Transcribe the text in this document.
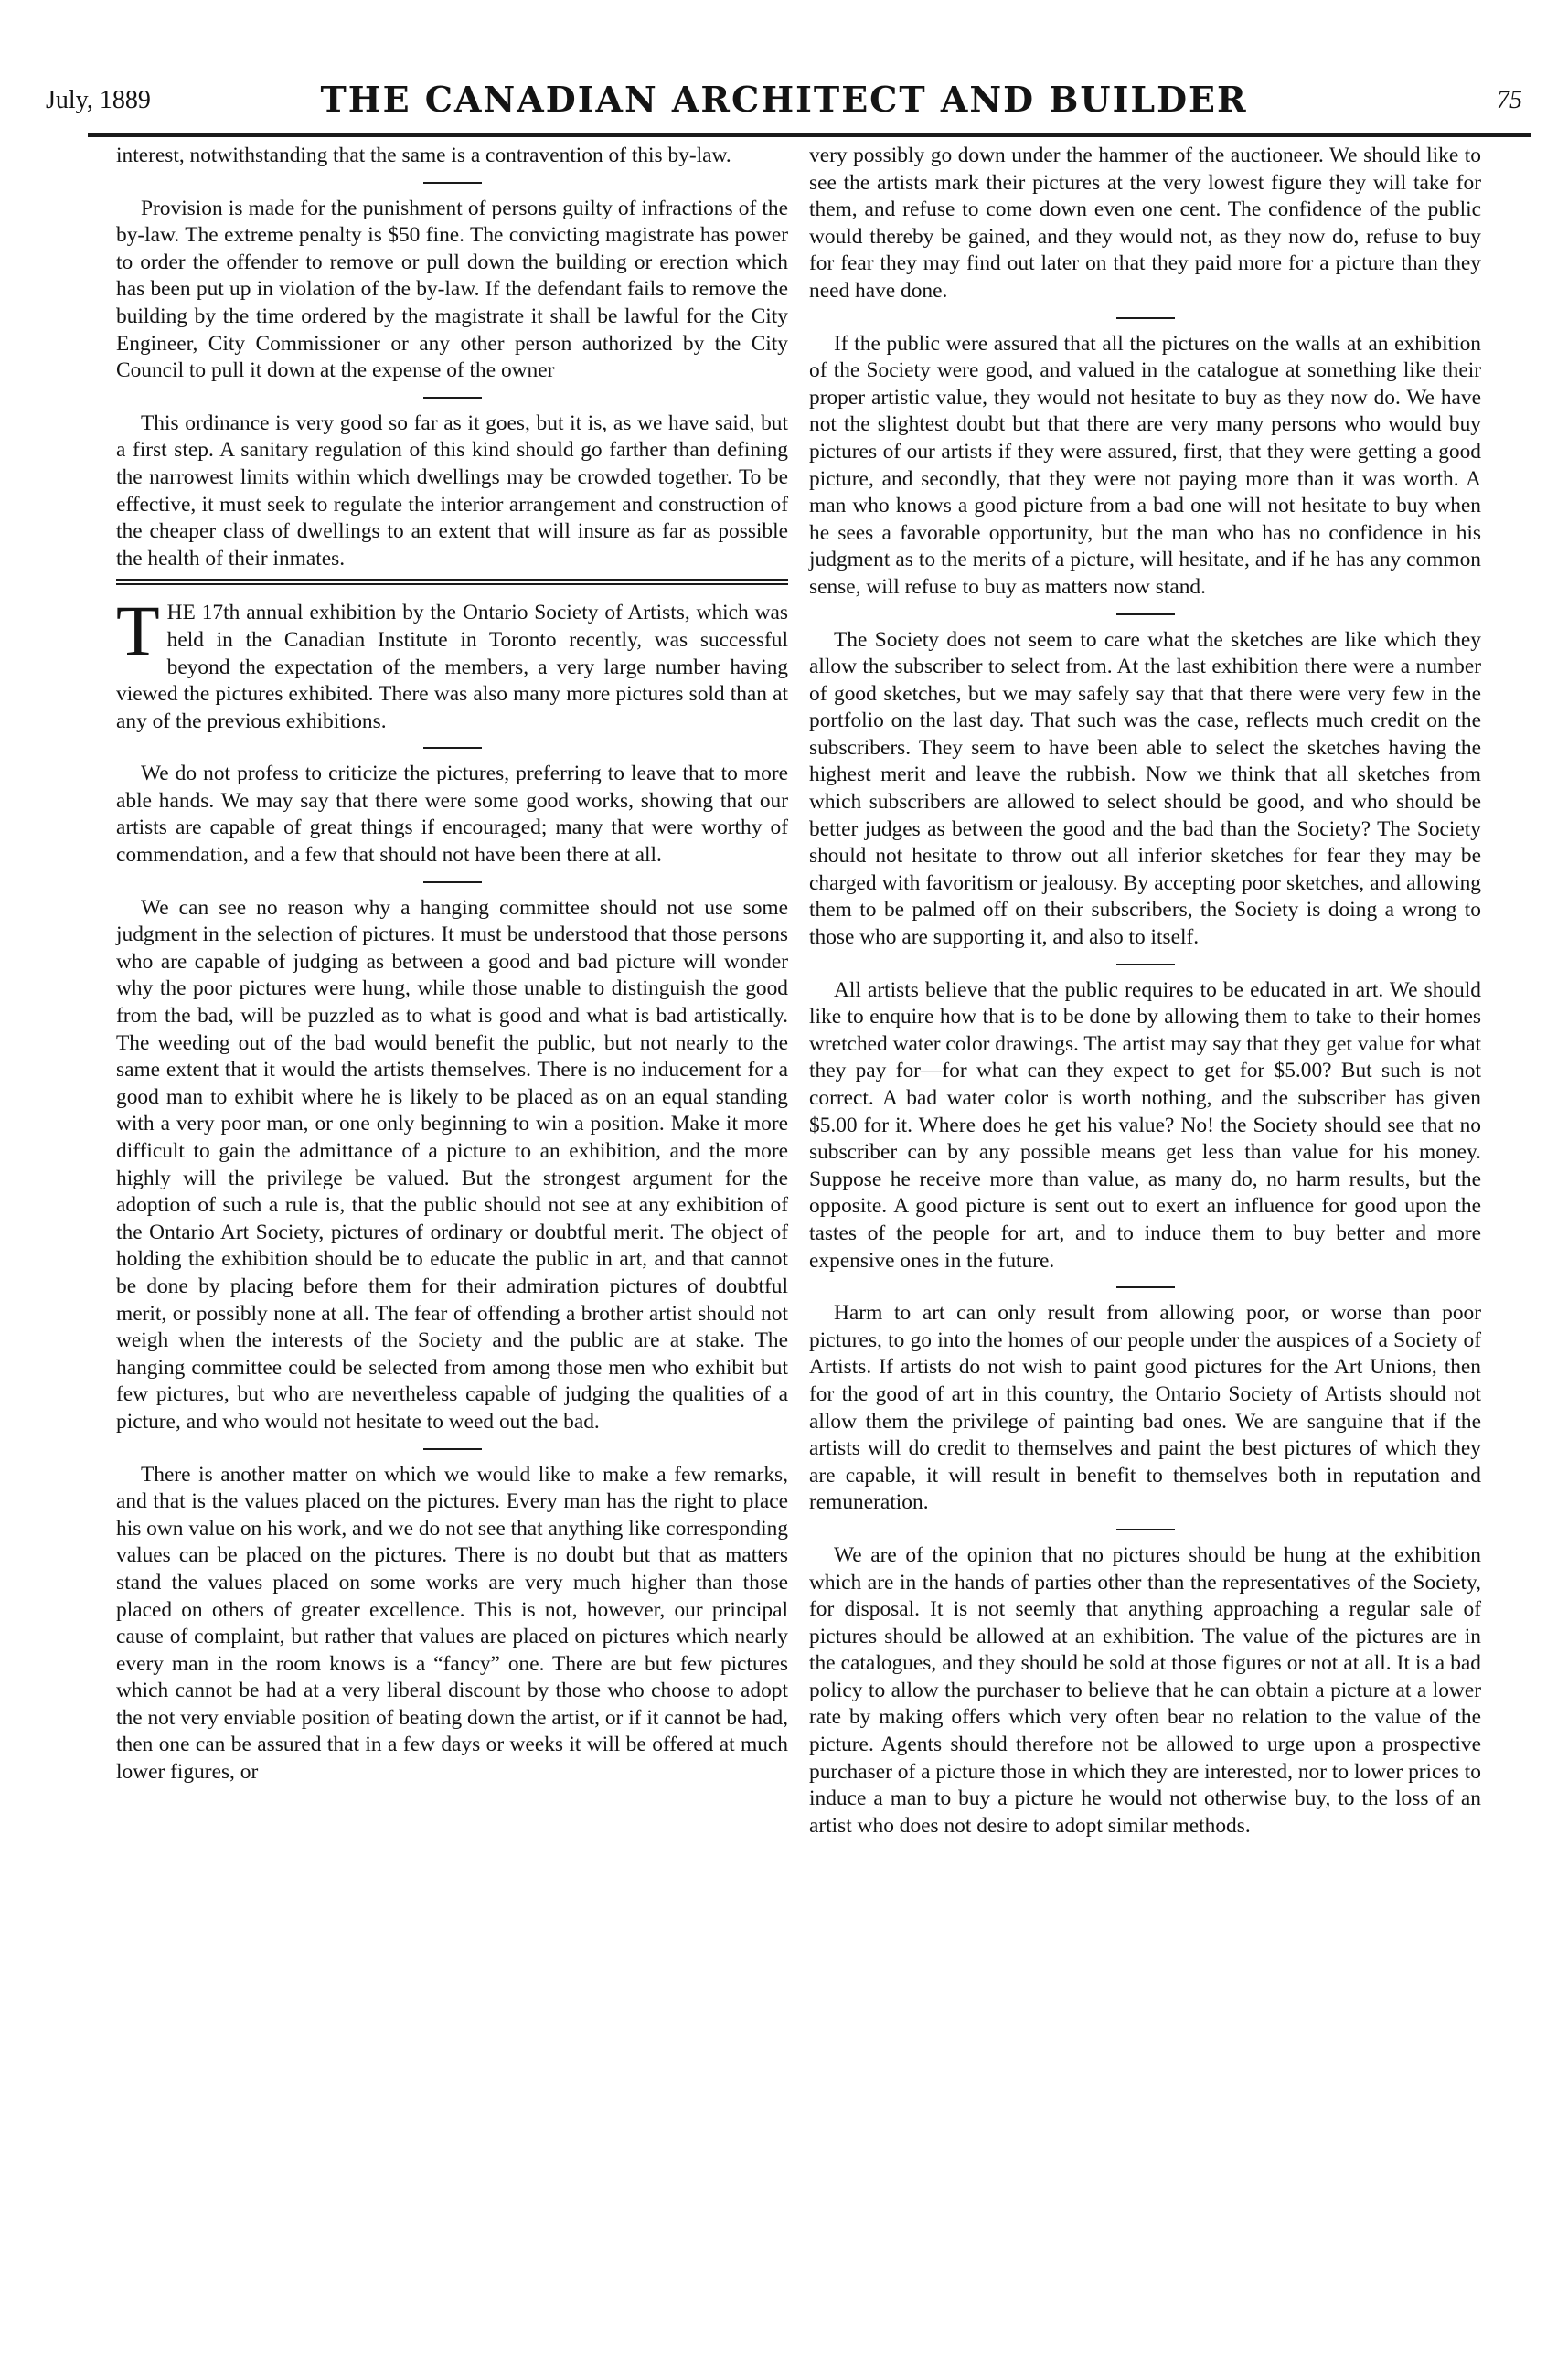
July, 1889	THE CANADIAN ARCHITECT AND BUILDER	75

interest, notwithstanding that the same is a contravention of this by-law.

Provision is made for the punishment of persons guilty of infractions of the by-law. The extreme penalty is $50 fine. The convicting magistrate has power to order the offender to remove or pull down the building or erection which has been put up in violation of the by-law. If the defendant fails to remove the building by the time ordered by the magistrate it shall be lawful for the City Engineer, City Commissioner or any other person authorized by the City Council to pull it down at the expense of the owner

This ordinance is very good so far as it goes, but it is, as we have said, but a first step. A sanitary regulation of this kind should go farther than defining the narrowest limits within which dwellings may be crowded together. To be effective, it must seek to regulate the interior arrangement and construction of the cheaper class of dwellings to an extent that will insure as far as possible the health of their inmates.

THE 17th annual exhibition by the Ontario Society of Artists, which was held in the Canadian Institute in Toronto recently, was successful beyond the expectation of the members, a very large number having viewed the pictures exhibited. There was also many more pictures sold than at any of the previous exhibitions.

We do not profess to criticize the pictures, preferring to leave that to more able hands. We may say that there were some good works, showing that our artists are capable of great things if encouraged; many that were worthy of commendation, and a few that should not have been there at all.

We can see no reason why a hanging committee should not use some judgment in the selection of pictures. It must be understood that those persons who are capable of judging as between a good and bad picture will wonder why the poor pictures were hung, while those unable to distinguish the good from the bad, will be puzzled as to what is good and what is bad artistically. The weeding out of the bad would benefit the public, but not nearly to the same extent that it would the artists themselves. There is no inducement for a good man to exhibit where he is likely to be placed as on an equal standing with a very poor man, or one only beginning to win a position. Make it more difficult to gain the admittance of a picture to an exhibition, and the more highly will the privilege be valued. But the strongest argument for the adoption of such a rule is, that the public should not see at any exhibition of the Ontario Art Society, pictures of ordinary or doubtful merit. The object of holding the exhibition should be to educate the public in art, and that cannot be done by placing before them for their admiration pictures of doubtful merit, or possibly none at all. The fear of offending a brother artist should not weigh when the interests of the Society and the public are at stake. The hanging committee could be selected from among those men who exhibit but few pictures, but who are nevertheless capable of judging the qualities of a picture, and who would not hesitate to weed out the bad.

There is another matter on which we would like to make a few remarks, and that is the values placed on the pictures. Every man has the right to place his own value on his work, and we do not see that anything like corresponding values can be placed on the pictures. There is no doubt but that as matters stand the values placed on some works are very much higher than those placed on others of greater excellence. This is not, however, our principal cause of complaint, but rather that values are placed on pictures which nearly every man in the room knows is a “fancy” one. There are but few pictures which cannot be had at a very liberal discount by those who choose to adopt the not very enviable position of beating down the artist, or if it cannot be had, then one can be assured that in a few days or weeks it will be offered at much lower figures, or

very possibly go down under the hammer of the auctioneer. We should like to see the artists mark their pictures at the very lowest figure they will take for them, and refuse to come down even one cent. The confidence of the public would thereby be gained, and they would not, as they now do, refuse to buy for fear they may find out later on that they paid more for a picture than they need have done.

If the public were assured that all the pictures on the walls at an exhibition of the Society were good, and valued in the catalogue at something like their proper artistic value, they would not hesitate to buy as they now do. We have not the slightest doubt but that there are very many persons who would buy pictures of our artists if they were assured, first, that they were getting a good picture, and secondly, that they were not paying more than it was worth. A man who knows a good picture from a bad one will not hesitate to buy when he sees a favorable opportunity, but the man who has no confidence in his judgment as to the merits of a picture, will hesitate, and if he has any common sense, will refuse to buy as matters now stand.

The Society does not seem to care what the sketches are like which they allow the subscriber to select from. At the last exhibition there were a number of good sketches, but we may safely say that that there were very few in the portfolio on the last day. That such was the case, reflects much credit on the subscribers. They seem to have been able to select the sketches having the highest merit and leave the rubbish. Now we think that all sketches from which subscribers are allowed to select should be good, and who should be better judges as between the good and the bad than the Society? The Society should not hesitate to throw out all inferior sketches for fear they may be charged with favoritism or jealousy. By accepting poor sketches, and allowing them to be palmed off on their subscribers, the Society is doing a wrong to those who are supporting it, and also to itself.

All artists believe that the public requires to be educated in art. We should like to enquire how that is to be done by allowing them to take to their homes wretched water color drawings. The artist may say that they get value for what they pay for—for what can they expect to get for $5.00? But such is not correct. A bad water color is worth nothing, and the subscriber has given $5.00 for it. Where does he get his value? No! the Society should see that no subscriber can by any possible means get less than value for his money. Suppose he receive more than value, as many do, no harm results, but the opposite. A good picture is sent out to exert an influence for good upon the tastes of the people for art, and to induce them to buy better and more expensive ones in the future.

Harm to art can only result from allowing poor, or worse than poor pictures, to go into the homes of our people under the auspices of a Society of Artists. If artists do not wish to paint good pictures for the Art Unions, then for the good of art in this country, the Ontario Society of Artists should not allow them the privilege of painting bad ones. We are sanguine that if the artists will do credit to themselves and paint the best pictures of which they are capable, it will result in benefit to themselves both in reputation and remuneration.

We are of the opinion that no pictures should be hung at the exhibition which are in the hands of parties other than the representatives of the Society, for disposal. It is not seemly that anything approaching a regular sale of pictures should be allowed at an exhibition. The value of the pictures are in the catalogues, and they should be sold at those figures or not at all. It is a bad policy to allow the purchaser to believe that he can obtain a picture at a lower rate by making offers which very often bear no relation to the value of the picture. Agents should therefore not be allowed to urge upon a prospective purchaser of a picture those in which they are interested, nor to lower prices to induce a man to buy a picture he would not otherwise buy, to the loss of an artist who does not desire to adopt similar methods.
